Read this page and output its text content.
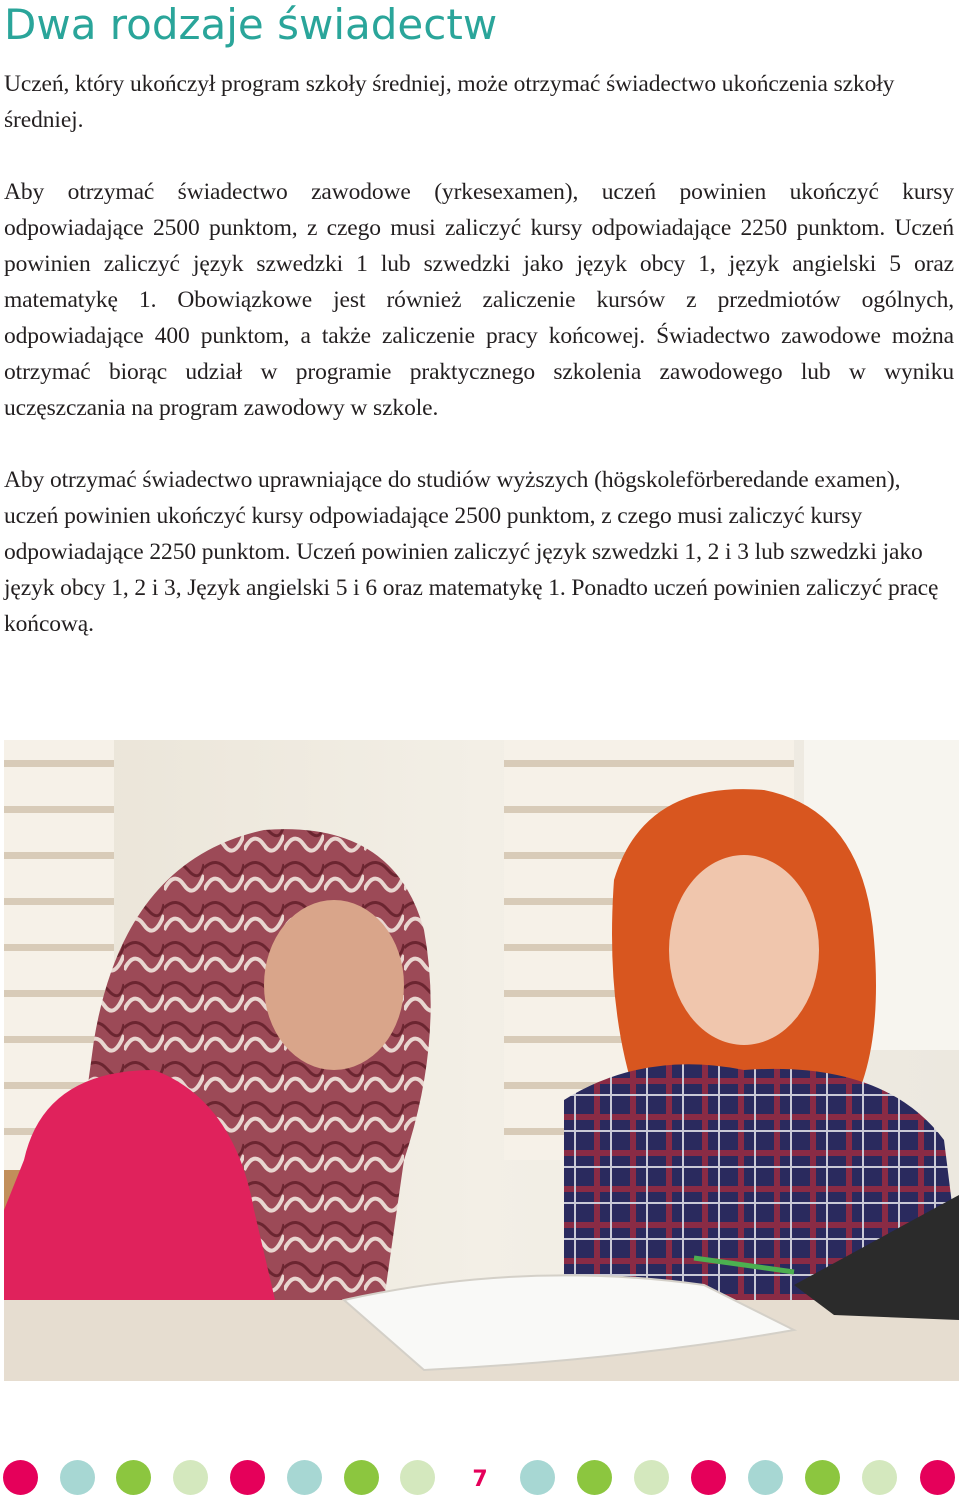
Dwa rodzaje świadectw

Uczeń, który ukończył program szkoły średniej, może otrzymać świadectwo ukończenia szkoły średniej.

Aby otrzymać świadectwo zawodowe (yrkesexamen), uczeń powinien ukończyć kursy odpowiadające 2500 punktom, z czego musi zaliczyć kursy odpowiadające 2250 punktom. Uczeń powinien zaliczyć język szwedzki 1 lub szwedzki jako język obcy 1, język angielski 5 oraz matematykę 1. Obowiązkowe jest również zaliczenie kursów z przedmiotów ogólnych, odpowiadające 400 punktom, a także zaliczenie pracy końcowej. Świadectwo zawodowe można otrzymać biorąc udział w programie praktycznego szkolenia zawodowego lub w wyniku uczęszczania na program zawodowy w szkole.

Aby otrzymać świadectwo uprawniające do studiów wyższych (högskoleförberedande examen), uczeń powinien ukończyć kursy odpowiadające 2500 punktom, z czego musi zaliczyć kursy odpowiadające 2250 punktom. Uczeń powinien zaliczyć język szwedzki 1, 2 i 3 lub szwedzki jako język obcy 1, 2 i 3, Język angielski 5 i 6 oraz matematykę 1. Ponadto uczeń powinien zaliczyć pracę końcową.

7
